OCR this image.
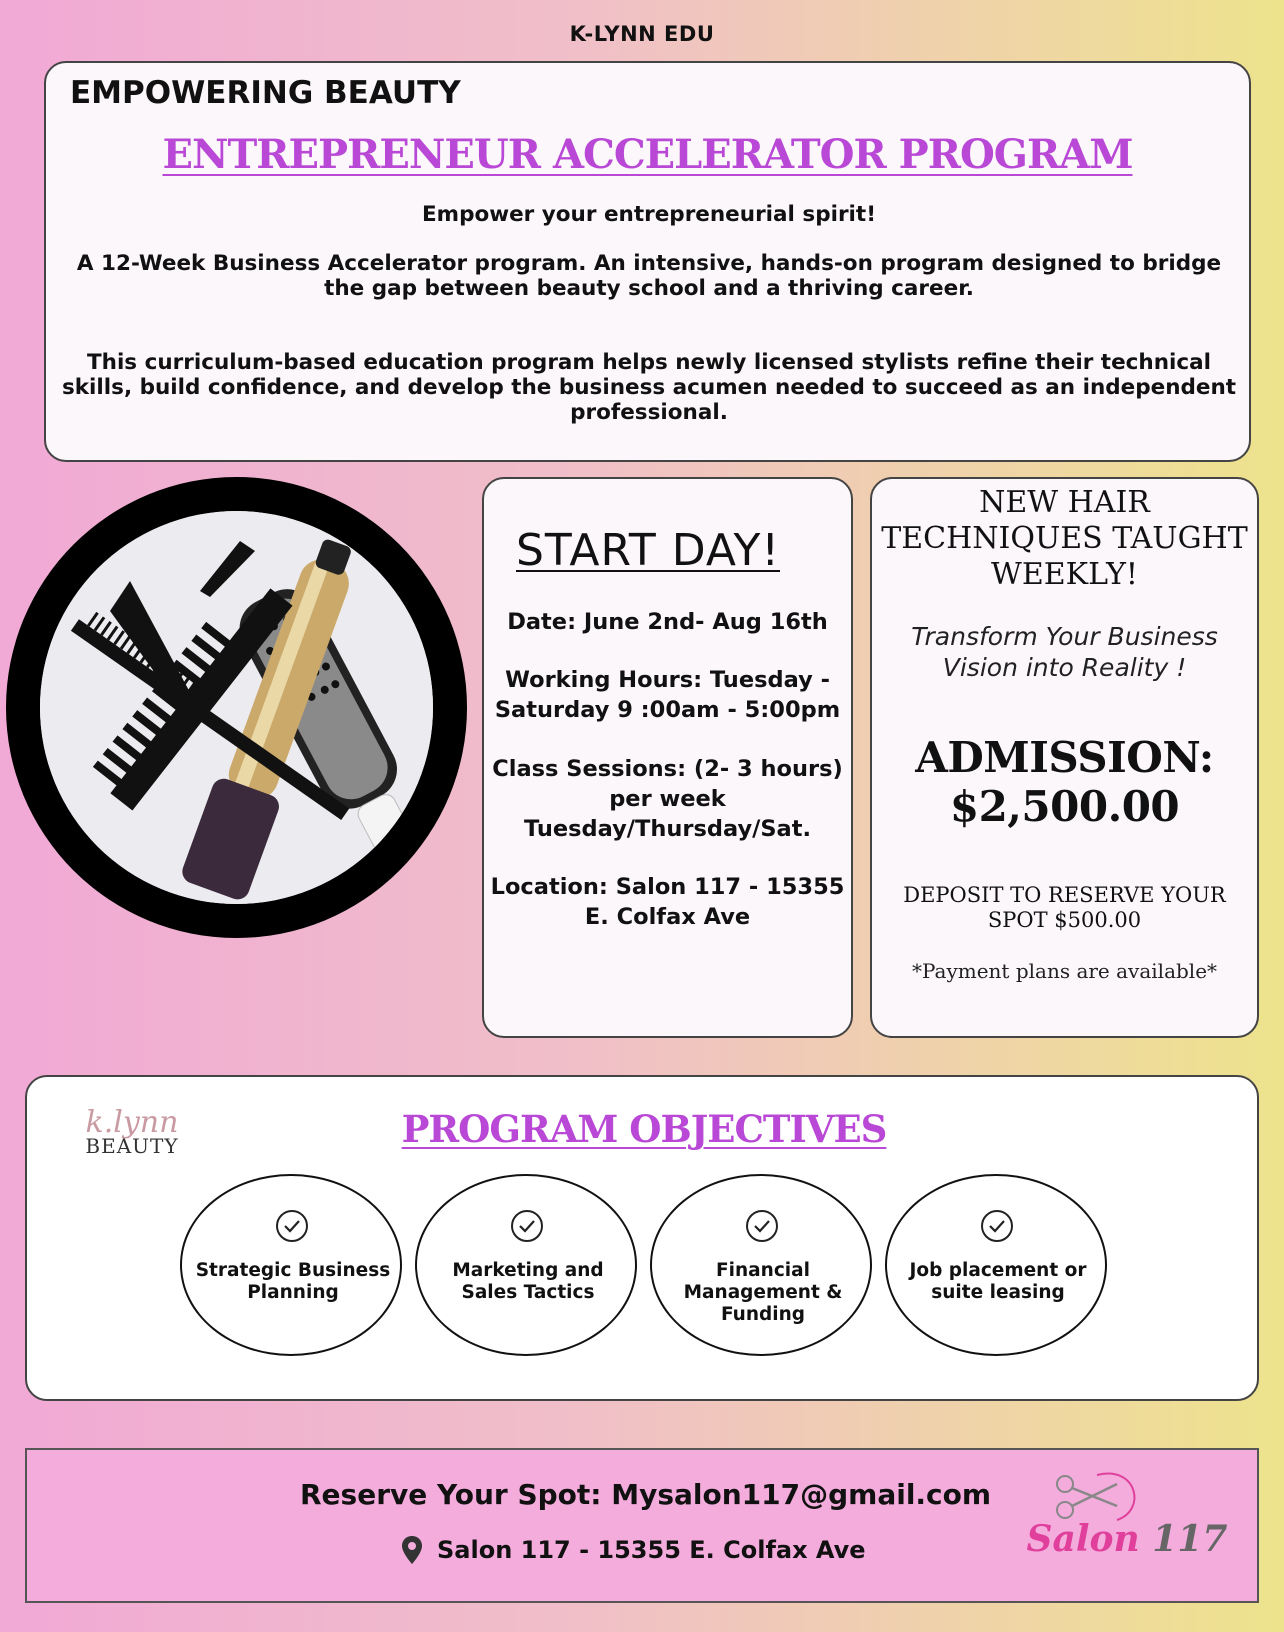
K-LYNN EDU
EMPOWERING BEAUTY
ENTREPRENEUR ACCELERATOR PROGRAM

Empower your entrepreneurial spirit!

A 12-Week Business Accelerator program. An intensive, hands-on program designed to bridge the gap between beauty school and a thriving career.

This curriculum-based education program helps newly licensed stylists refine their technical skills, build confidence, and develop the business acumen needed to succeed as an independent professional.

START DAY!
Date: June 2nd- Aug 16th
Working Hours: Tuesday - Saturday 9 :00am - 5:00pm
Class Sessions: (2- 3 hours) per week Tuesday/Thursday/Sat.
Location: Salon 117 - 15355 E. Colfax Ave
NEW HAIR TECHNIQUES TAUGHT WEEKLY!
Transform Your Business Vision into Reality !
ADMISSION:
$2,500.00
DEPOSIT TO RESERVE YOUR SPOT $500.00
*Payment plans are available*
k.lynn
BEAUTY	PROGRAM OBJECTIVES
Strategic Business Planning
Marketing and Sales Tactics
Financial Management & Funding
Job placement or suite leasing
Reserve Your Spot: Mysalon117@gmail.com
Salon 117 - 15355 E. Colfax Ave	Salon 117
